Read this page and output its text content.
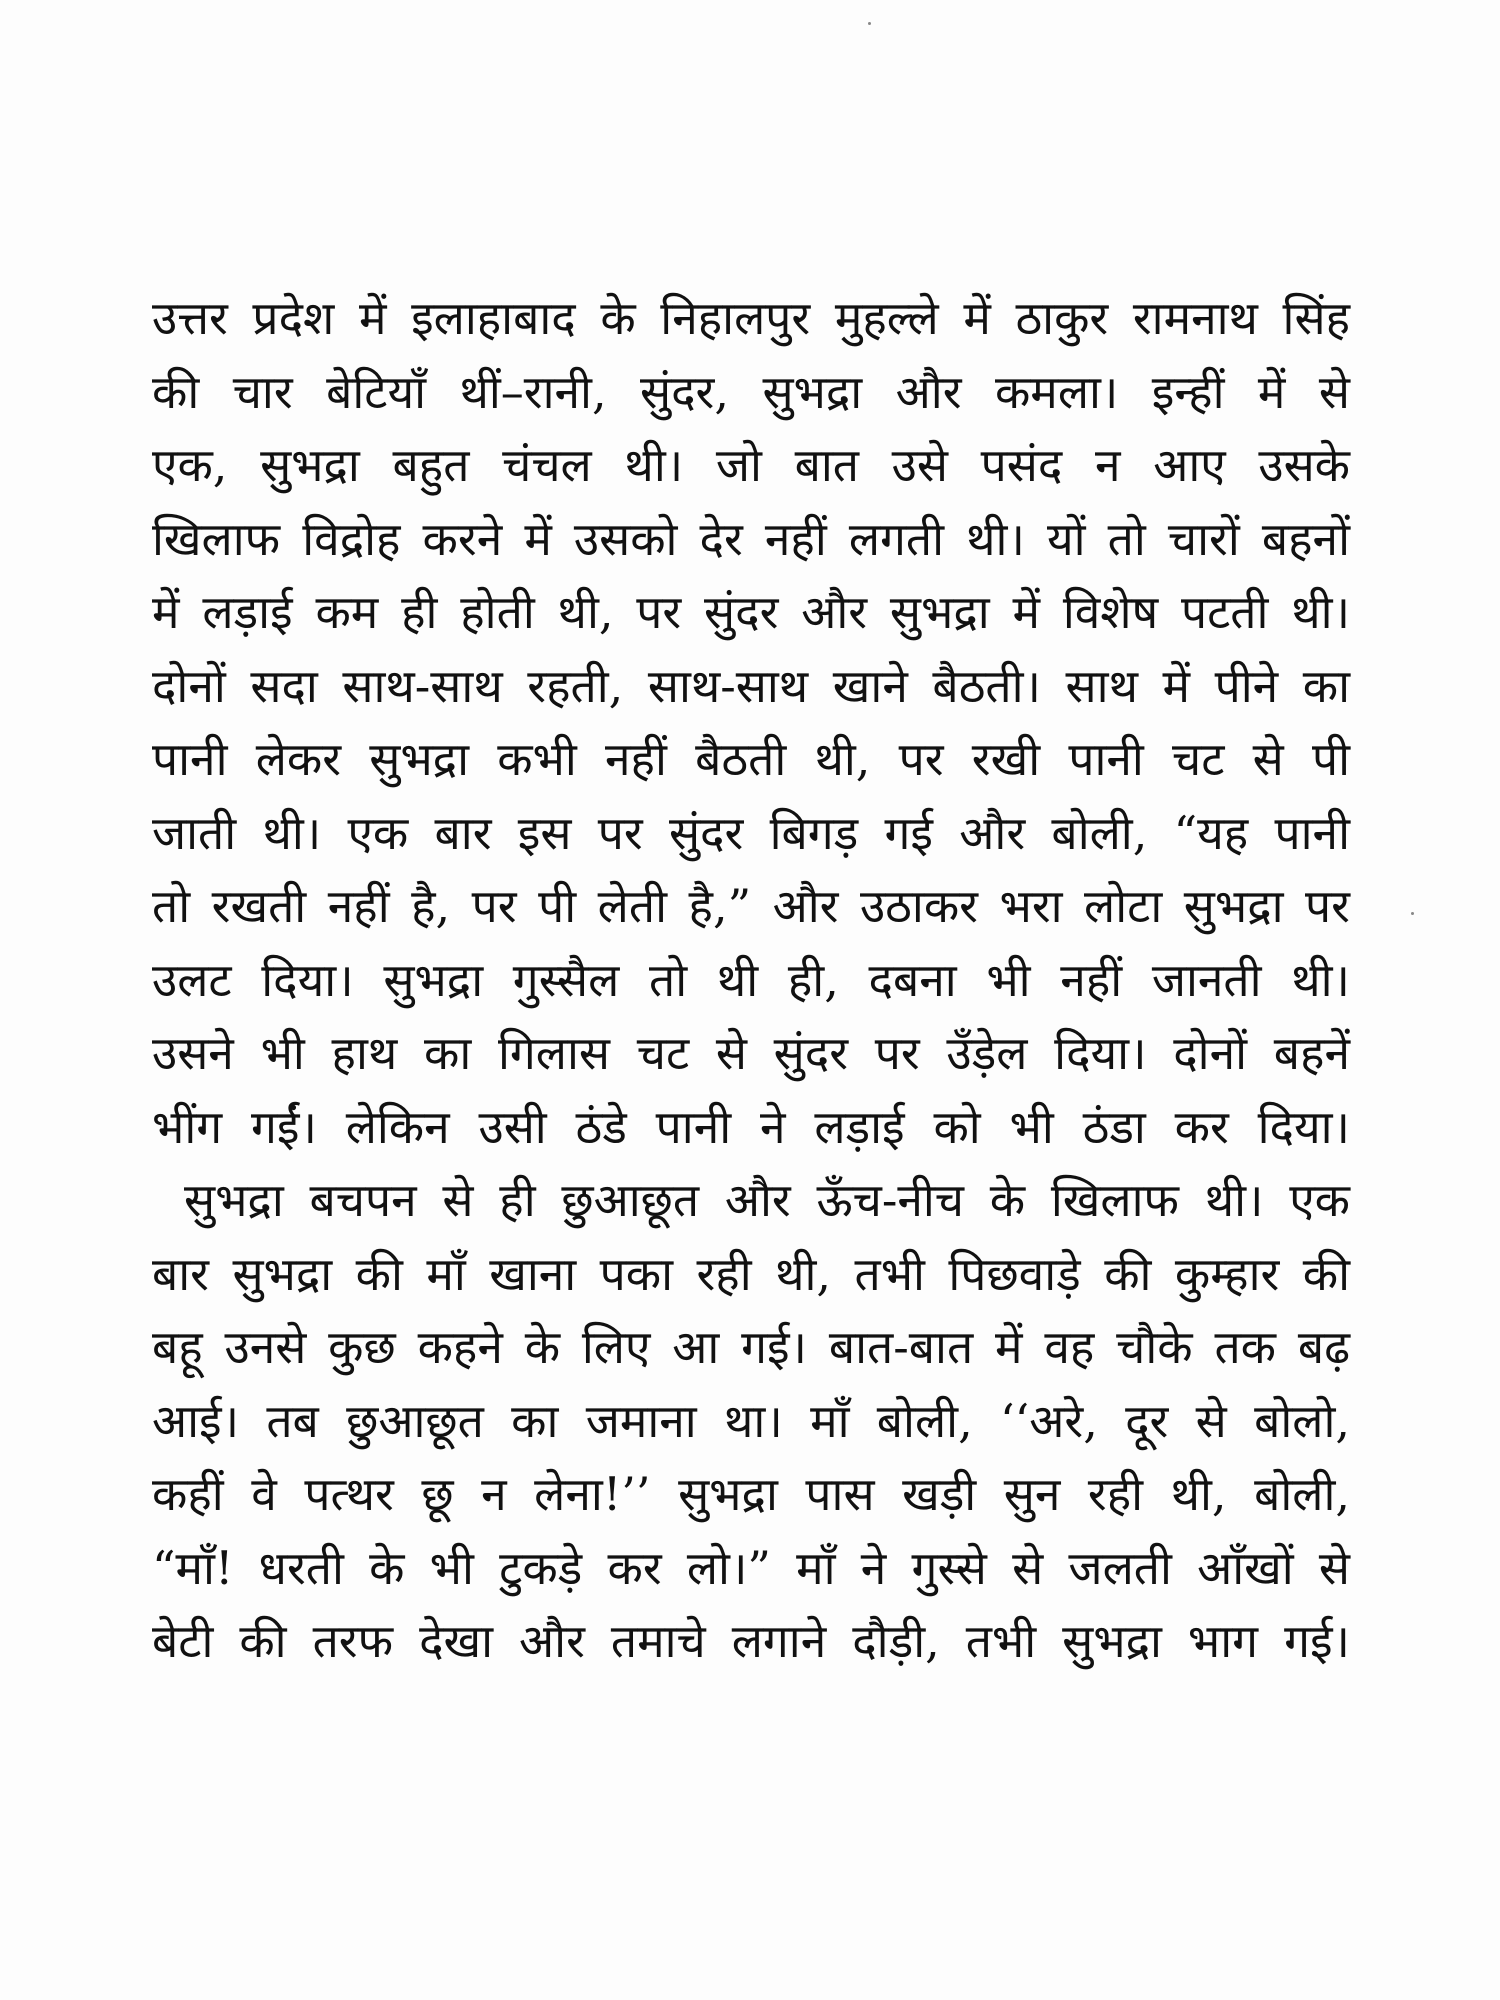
उत्तर प्रदेश में इलाहाबाद के निहालपुर मुहल्ले में ठाकुर रामनाथ सिंह
की चार बेटियाँ थीं–रानी, सुंदर, सुभद्रा और कमला। इन्हीं में से
एक, सुभद्रा बहुत चंचल थी। जो बात उसे पसंद न आए उसके
खिलाफ विद्रोह करने में उसको देर नहीं लगती थी। यों तो चारों बहनों
में लड़ाई कम ही होती थी, पर सुंदर और सुभद्रा में विशेष पटती थी।
दोनों सदा साथ-साथ रहती, साथ-साथ खाने बैठती। साथ में पीने का
पानी लेकर सुभद्रा कभी नहीं बैठती थी, पर रखी पानी चट से पी
जाती थी। एक बार इस पर सुंदर बिगड़ गई और बोली, “यह पानी
तो रखती नहीं है, पर पी लेती है,” और उठाकर भरा लोटा सुभद्रा पर
उलट दिया। सुभद्रा गुस्सैल तो थी ही, दबना भी नहीं जानती थी।
उसने भी हाथ का गिलास चट से सुंदर पर उँड़ेल दिया। दोनों बहनें
भींग गईं। लेकिन उसी ठंडे पानी ने लड़ाई को भी ठंडा कर दिया।
सुभद्रा बचपन से ही छुआछूत और ऊँच-नीच के खिलाफ थी। एक
बार सुभद्रा की माँ खाना पका रही थी, तभी पिछवाड़े की कुम्हार की
बहू उनसे कुछ कहने के लिए आ गई। बात-बात में वह चौके तक बढ़
आई। तब छुआछूत का जमाना था। माँ बोली, ‘‘अरे, दूर से बोलो,
कहीं वे पत्थर छू न लेना!’’ सुभद्रा पास खड़ी सुन रही थी, बोली,
“माँ! धरती के भी टुकड़े कर लो।” माँ ने गुस्से से जलती आँखों से
बेटी की तरफ देखा और तमाचे लगाने दौड़ी, तभी सुभद्रा भाग गई।
